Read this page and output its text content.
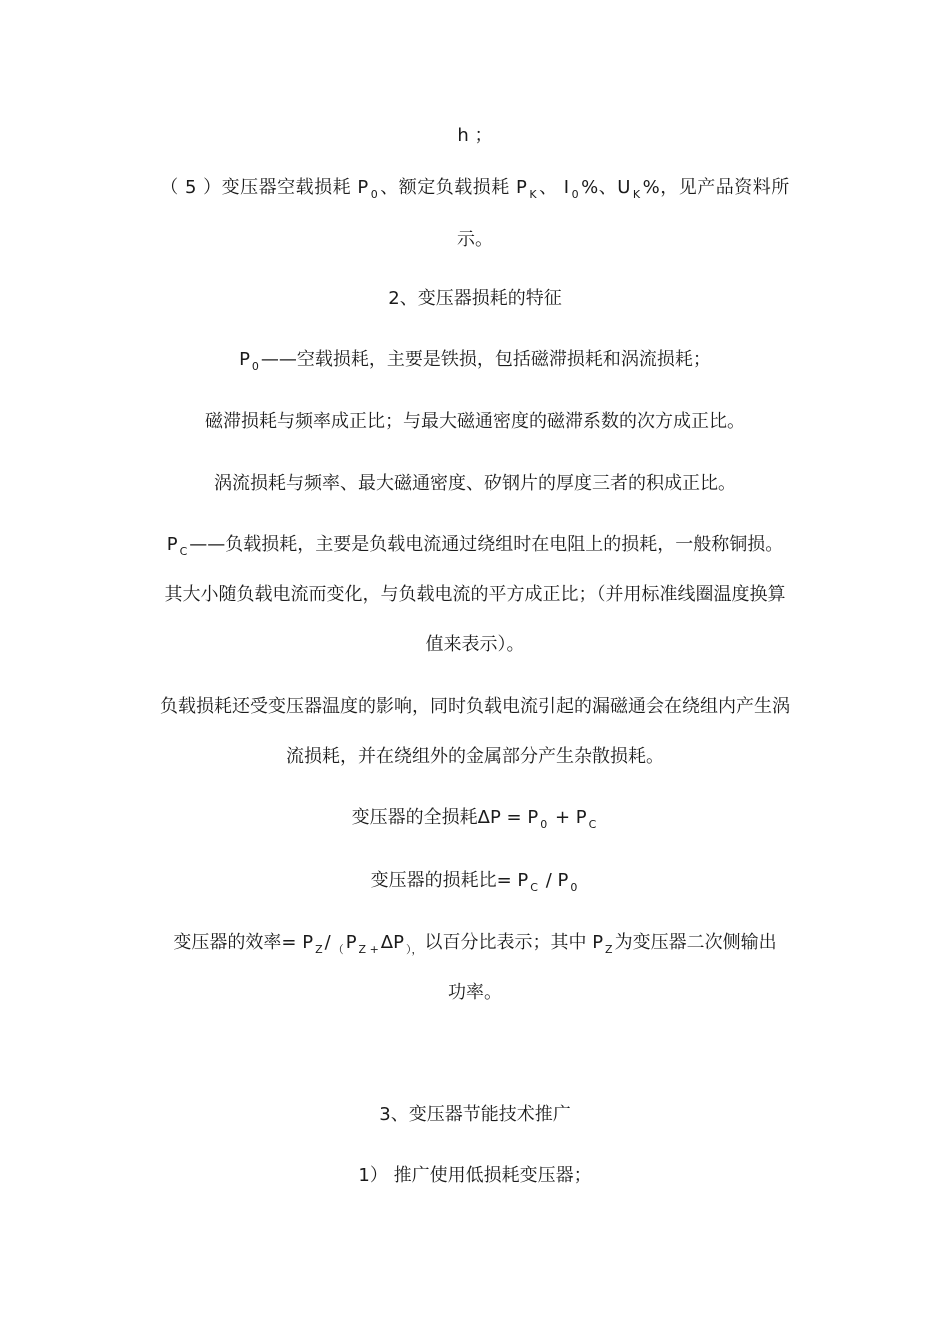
h ；
（ 5 ）变压器空载损耗 P $_0$ 、额定负载损耗 P $_K$ 、 I $_0$ %、U $_K$ %，见产品资料所
示。
2、变压器损耗的特征
P $_0$ ——空载损耗，主要是铁损，包括磁滞损耗和涡流损耗；
磁滞损耗与频率成正比；与最大磁通密度的磁滞系数的次方成正比。
涡流损耗与频率、最大磁通密度、矽钢片的厚度三者的积成正比。
P $_C$ ——负载损耗，主要是负载电流通过绕组时在电阻上的损耗，一般称铜损。
其大小随负载电流而变化，与负载电流的平方成正比；（并用标准线圈温度换算
值来表示）。
负载损耗还受变压器温度的影响，同时负载电流引起的漏磁通会在绕组内产生涡
流损耗，并在绕组外的金属部分产生杂散损耗。
变压器的全损耗ΔP = P $_0$ + P $_C$
变压器的损耗比= P $_C$ / P $_0$
变压器的效率= P $_Z$ / $_($ P $_{Z +}$ ΔP $_{),}$ 以百分比表示；其中 P $_Z$ 为变压器二次侧输出
功率。
3、变压器节能技术推广
1） 推广使用低损耗变压器；
